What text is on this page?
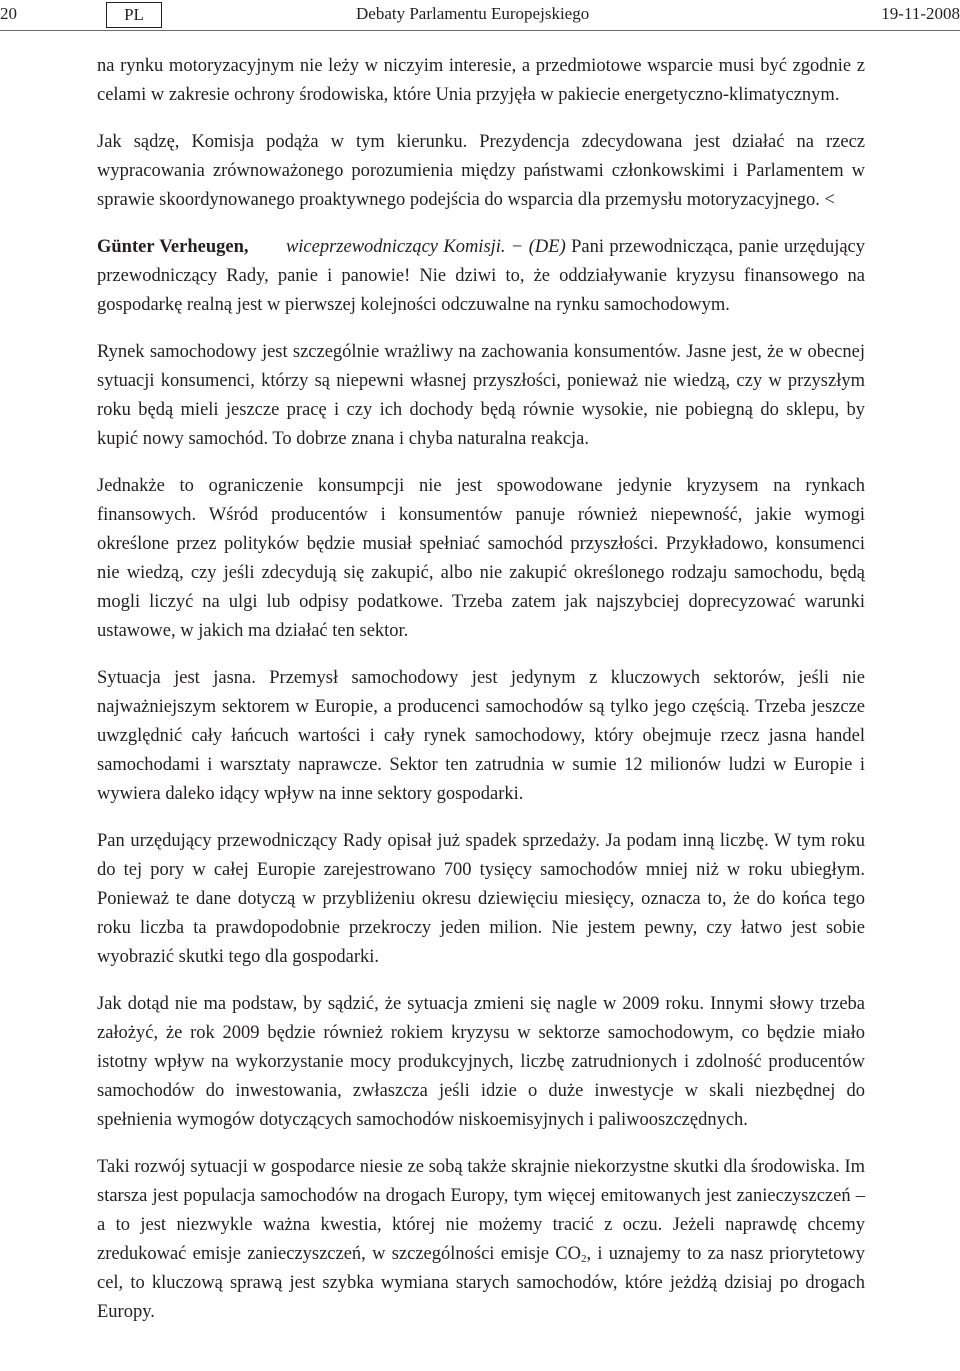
20	PL	Debaty Parlamentu Europejskiego	19-11-2008

na rynku motoryzacyjnym nie leży w niczyim interesie, a przedmiotowe wsparcie musi być zgodnie z celami w zakresie ochrony środowiska, które Unia przyjęła w pakiecie energetyczno-klimatycznym.

Jak sądzę, Komisja podąża w tym kierunku. Prezydencja zdecydowana jest działać na rzecz wypracowania zrównoważonego porozumienia między państwami członkowskimi i Parlamentem w sprawie skoordynowanego proaktywnego podejścia do wsparcia dla przemysłu motoryzacyjnego. <

Günter Verheugen, wiceprzewodniczący Komisji. − (DE) Pani przewodnicząca, panie urzędujący przewodniczący Rady, panie i panowie! Nie dziwi to, że oddziaływanie kryzysu finansowego na gospodarkę realną jest w pierwszej kolejności odczuwalne na rynku samochodowym.

Rynek samochodowy jest szczególnie wrażliwy na zachowania konsumentów. Jasne jest, że w obecnej sytuacji konsumenci, którzy są niepewni własnej przyszłości, ponieważ nie wiedzą, czy w przyszłym roku będą mieli jeszcze pracę i czy ich dochody będą równie wysokie, nie pobiegną do sklepu, by kupić nowy samochód. To dobrze znana i chyba naturalna reakcja.

Jednakże to ograniczenie konsumpcji nie jest spowodowane jedynie kryzysem na rynkach finansowych. Wśród producentów i konsumentów panuje również niepewność, jakie wymogi określone przez polityków będzie musiał spełniać samochód przyszłości. Przykładowo, konsumenci nie wiedzą, czy jeśli zdecydują się zakupić, albo nie zakupić określonego rodzaju samochodu, będą mogli liczyć na ulgi lub odpisy podatkowe. Trzeba zatem jak najszybciej doprecyzować warunki ustawowe, w jakich ma działać ten sektor.

Sytuacja jest jasna. Przemysł samochodowy jest jedynym z kluczowych sektorów, jeśli nie najważniejszym sektorem w Europie, a producenci samochodów są tylko jego częścią. Trzeba jeszcze uwzględnić cały łańcuch wartości i cały rynek samochodowy, który obejmuje rzecz jasna handel samochodami i warsztaty naprawcze. Sektor ten zatrudnia w sumie 12 milionów ludzi w Europie i wywiera daleko idący wpływ na inne sektory gospodarki.

Pan urzędujący przewodniczący Rady opisał już spadek sprzedaży. Ja podam inną liczbę. W tym roku do tej pory w całej Europie zarejestrowano 700 tysięcy samochodów mniej niż w roku ubiegłym. Ponieważ te dane dotyczą w przybliżeniu okresu dziewięciu miesięcy, oznacza to, że do końca tego roku liczba ta prawdopodobnie przekroczy jeden milion. Nie jestem pewny, czy łatwo jest sobie wyobrazić skutki tego dla gospodarki.

Jak dotąd nie ma podstaw, by sądzić, że sytuacja zmieni się nagle w 2009 roku. Innymi słowy trzeba założyć, że rok 2009 będzie również rokiem kryzysu w sektorze samochodowym, co będzie miało istotny wpływ na wykorzystanie mocy produkcyjnych, liczbę zatrudnionych i zdolność producentów samochodów do inwestowania, zwłaszcza jeśli idzie o duże inwestycje w skali niezbędnej do spełnienia wymogów dotyczących samochodów niskoemisyjnych i paliwooszczędnych.

Taki rozwój sytuacji w gospodarce niesie ze sobą także skrajnie niekorzystne skutki dla środowiska. Im starsza jest populacja samochodów na drogach Europy, tym więcej emitowanych jest zanieczyszczeń – a to jest niezwykle ważna kwestia, której nie możemy tracić z oczu. Jeżeli naprawdę chcemy zredukować emisje zanieczyszczeń, w szczególności emisje $CO_2$, i uznajemy to za nasz priorytetowy cel, to kluczową sprawą jest szybka wymiana starych samochodów, które jeżdżą dzisiaj po drogach Europy.
